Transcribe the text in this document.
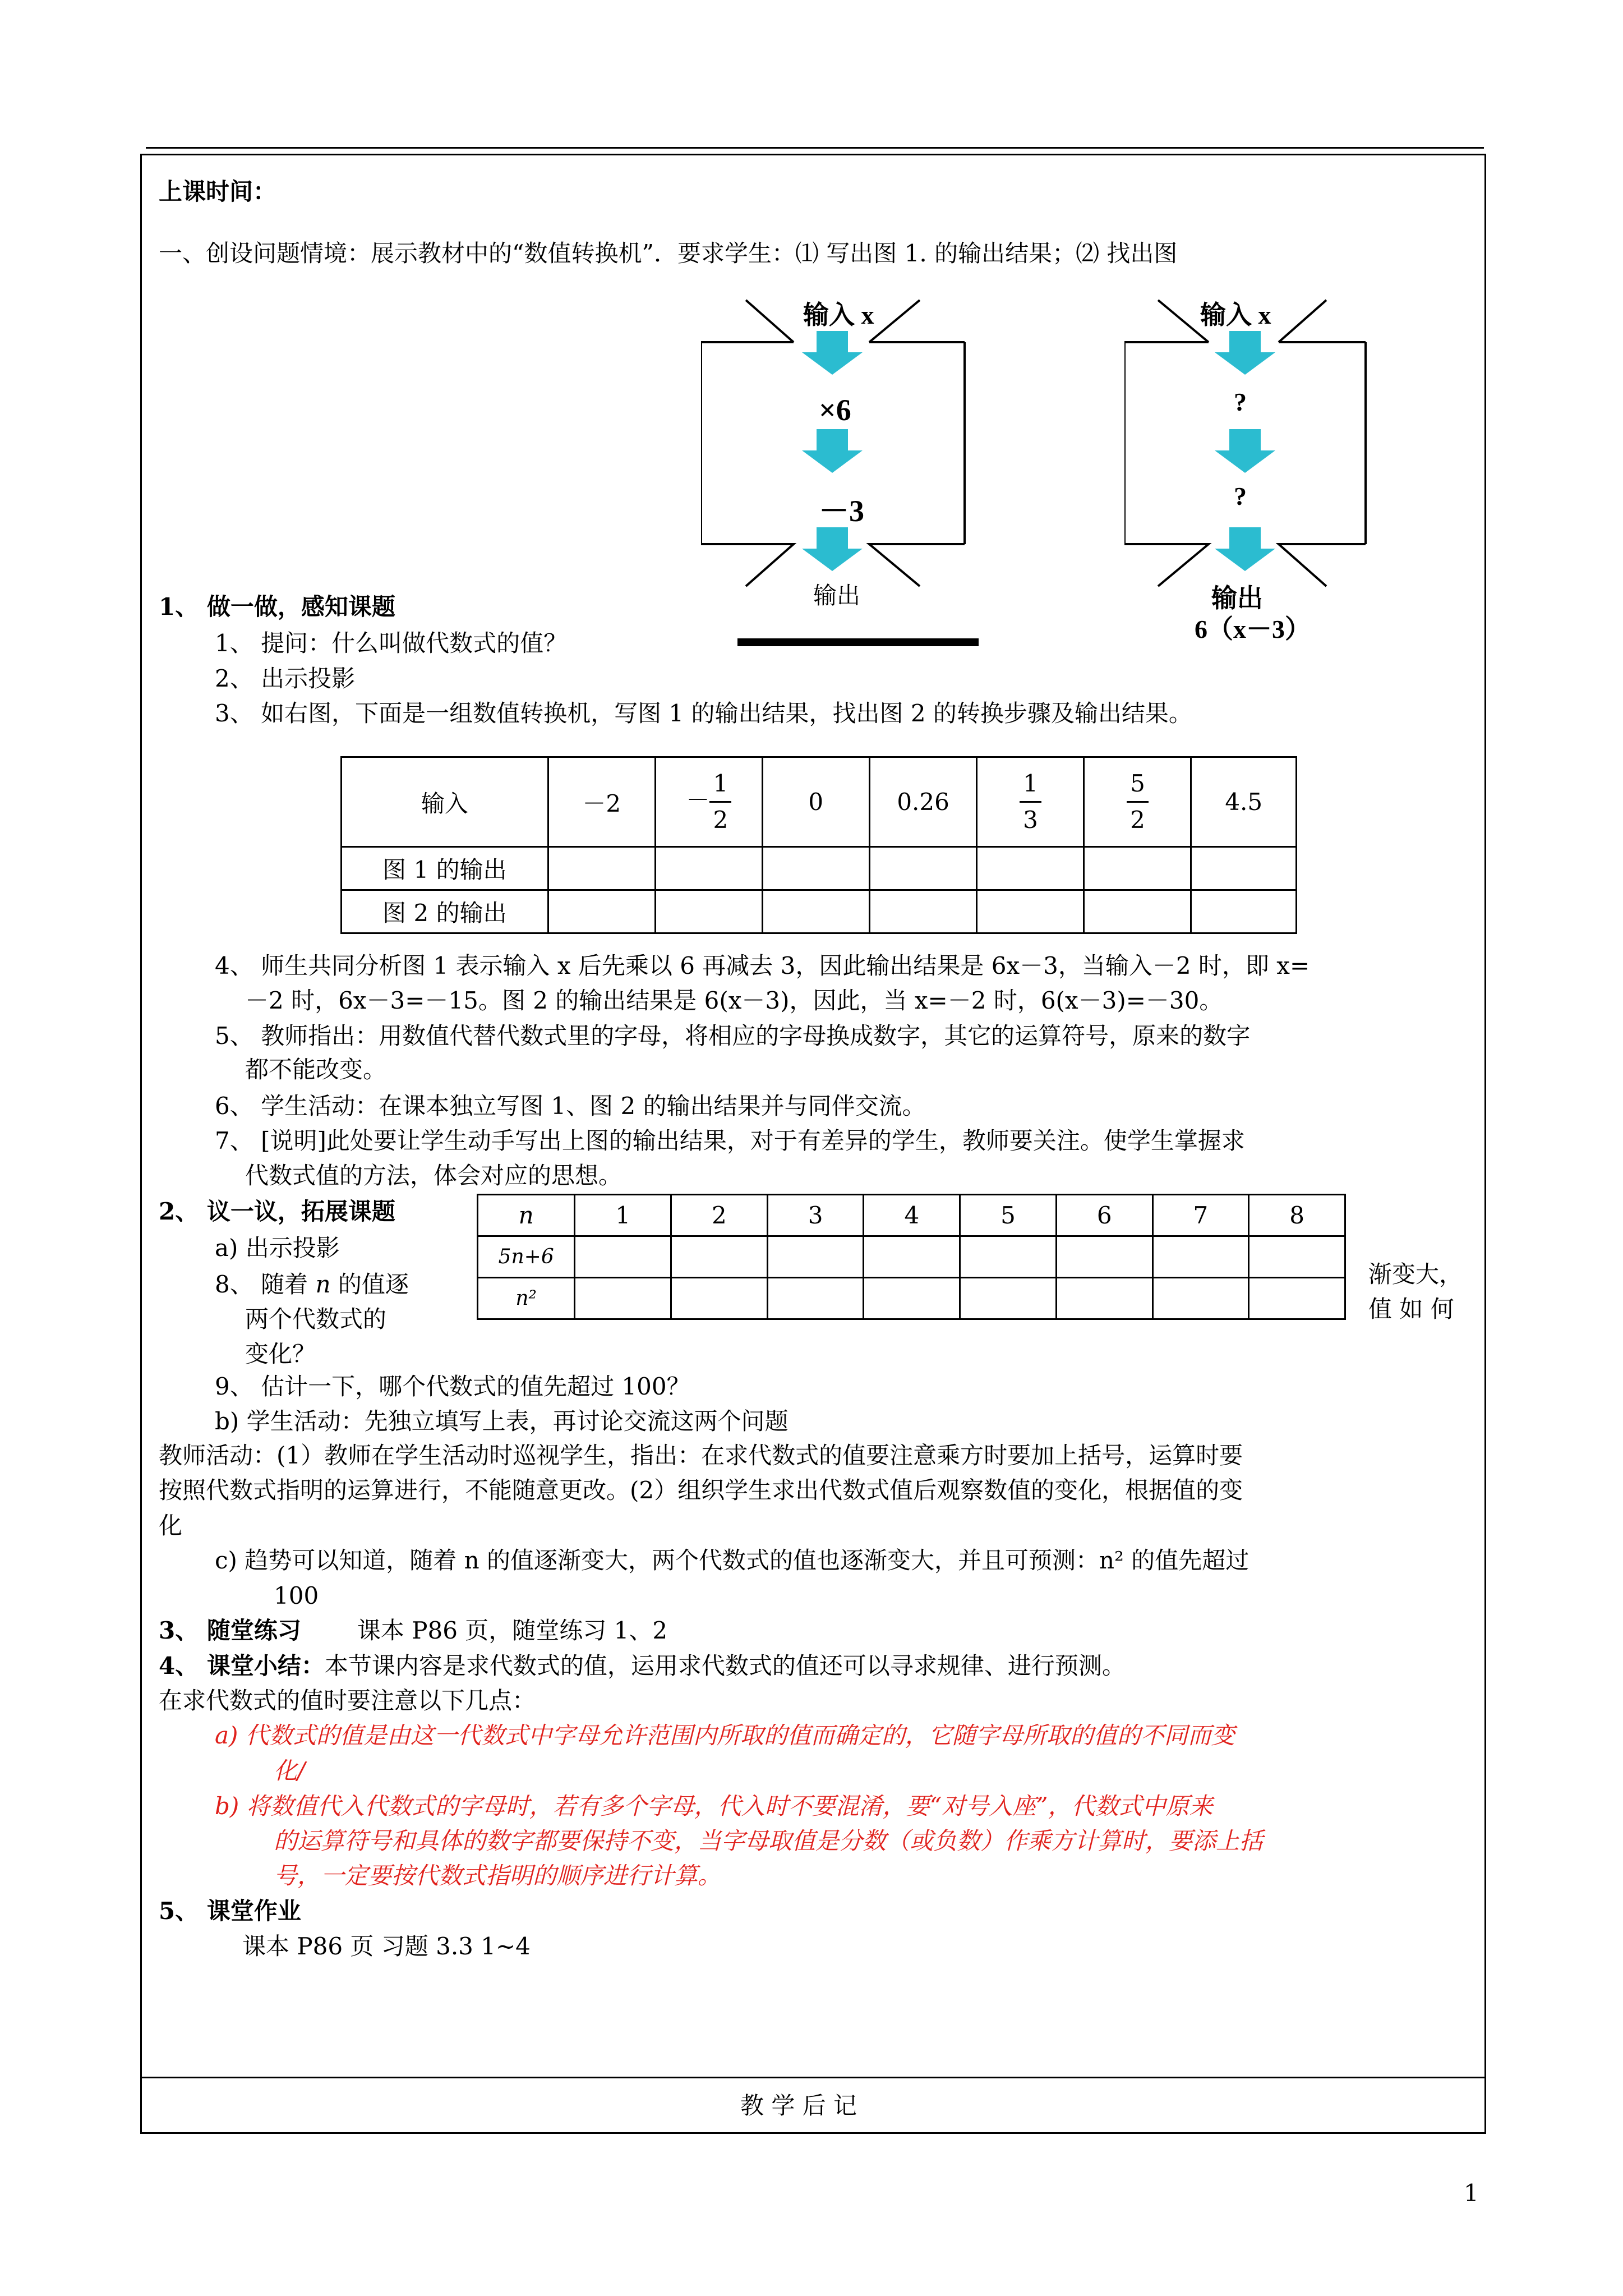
上课时间：
一、创设问题情境：展示教材中的“数值转换机”．要求学生：⑴ 写出图 1. 的输出结果；⑵ 找出图
输入 x
×6
－3
输出
输入 x
?
?
输出
6（x－3）
1、 做一做，感知课题
1、 提问：什么叫做代数式的值？
2、 出示投影
3、 如右图，下面是一组数值转换机，写图 1 的输出结果，找出图 2 的转换步骤及输出结果。
输入	－2	－ $\frac{1}{2}$	0	0.26	$\frac{1}{3}$	$\frac{5}{2}$	4.5
图 1 的输出							
图 2 的输出							
4、 师生共同分析图 1 表示输入 x 后先乘以 6 再减去 3，因此输出结果是 6x－3，当输入－2 时，即 x=
－2 时，6x－3=－15。图 2 的输出结果是 6(x－3)，因此，当 x=－2 时，6(x－3)=－30。
5、 教师指出：用数值代替代数式里的字母，将相应的字母换成数字，其它的运算符号，原来的数字
都不能改变。
6、 学生活动：在课本独立写图 1、图 2 的输出结果并与同伴交流。
7、 [说明]此处要让学生动手写出上图的输出结果，对于有差异的学生，教师要关注。使学生掌握求
代数式值的方法，体会对应的思想。
2、 议一议，拓展课题
a) 出示投影
8、 随着 n 的值逐
两个代数式的
变化？
渐变大，
值 如 何
n	1	2	3	4	5	6	7	8
5n+6								
n²								
9、 估计一下，哪个代数式的值先超过 100？
b) 学生活动：先独立填写上表，再讨论交流这两个问题
教师活动：(1）教师在学生活动时巡视学生，指出：在求代数式的值要注意乘方时要加上括号，运算时要
按照代数式指明的运算进行，不能随意更改。(2）组织学生求出代数式值后观察数值的变化，根据值的变
化
c) 趋势可以知道，随着 n 的值逐渐变大，两个代数式的值也逐渐变大，并且可预测：n² 的值先超过
100
3、 随堂练习 课本 P86 页，随堂练习 1、2
4、 课堂小结：本节课内容是求代数式的值，运用求代数式的值还可以寻求规律、进行预测。
在求代数式的值时要注意以下几点：
a) 代数式的值是由这一代数式中字母允许范围内所取的值而确定的，它随字母所取的值的不同而变
化/
b) 将数值代入代数式的字母时，若有多个字母，代入时不要混淆，要“对号入座”，代数式中原来
的运算符号和具体的数字都要保持不变，当字母取值是分数（或负数）作乘方计算时，要添上括
号，一定要按代数式指明的顺序进行计算。
5、 课堂作业
课本 P86 页 习题 3.3 1~4
教 学 后 记
1
